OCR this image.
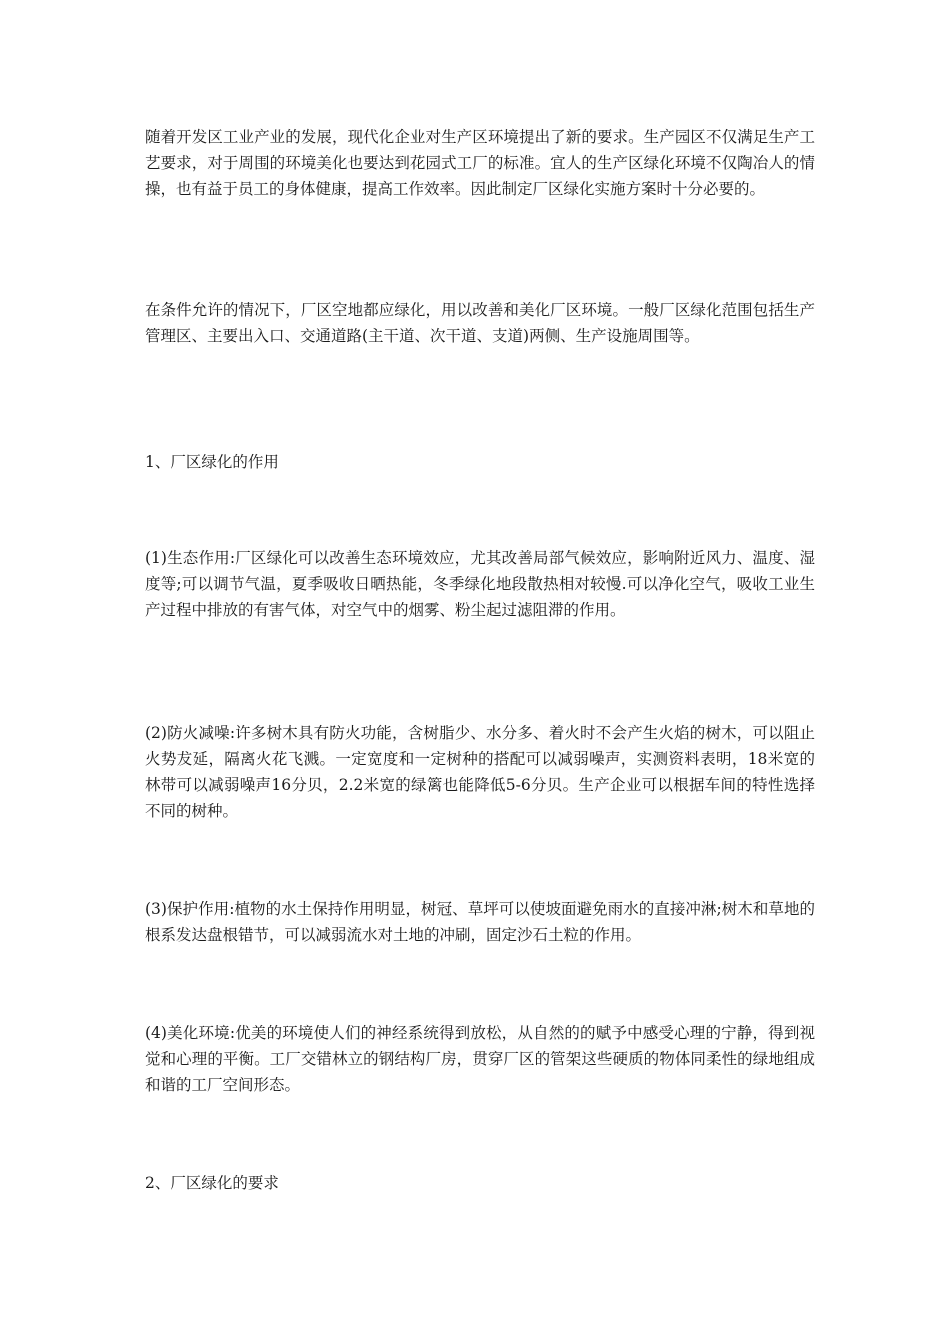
随着开发区工业产业的发展，现代化企业对生产区环境提出了新的要求。生产园区不仅满足生产工艺要求，对于周围的环境美化也要达到花园式工厂的标准。宜人的生产区绿化环境不仅陶冶人的情操，也有益于员工的身体健康，提高工作效率。因此制定厂区绿化实施方案时十分必要的。

在条件允许的情况下，厂区空地都应绿化，用以改善和美化厂区环境。一般厂区绿化范围包括生产管理区、主要出入口、交通道路(主干道、次干道、支道)两侧、生产设施周围等。

1、厂区绿化的作用

(1)生态作用:厂区绿化可以改善生态环境效应，尤其改善局部气候效应，影响附近风力、温度、湿度等;可以调节气温，夏季吸收日晒热能，冬季绿化地段散热相对较慢.可以净化空气，吸收工业生产过程中排放的有害气体，对空气中的烟雾、粉尘起过滤阻滞的作用。

(2)防火减噪:许多树木具有防火功能，含树脂少、水分多、着火时不会产生火焰的树木，可以阻止火势犮延，隔离火花飞溅。一定宽度和一定树种的搭配可以减弱噪声，实测资料表明，18米宽的林带可以减弱噪声16分贝，2.2米宽的绿篱也能降低5-6分贝。生产企业可以根据车间的特性选择不同的树种。

(3)保护作用:植物的水土保持作用明显，树冠、草坪可以使坡面避免雨水的直接冲淋;树木和草地的根系发达盘根错节，可以减弱流水对土地的冲刷，固定沙石土粒的作用。

(4)美化环境:优美的环境使人们的神经系统得到放松，从自然的的赋予中感受心理的宁静，得到视觉和心理的平衡。工厂交错林立的钢结构厂房，贯穿厂区的管架这些硬质的物体同柔性的绿地组成和谐的工厂空间形态。

2、厂区绿化的要求
